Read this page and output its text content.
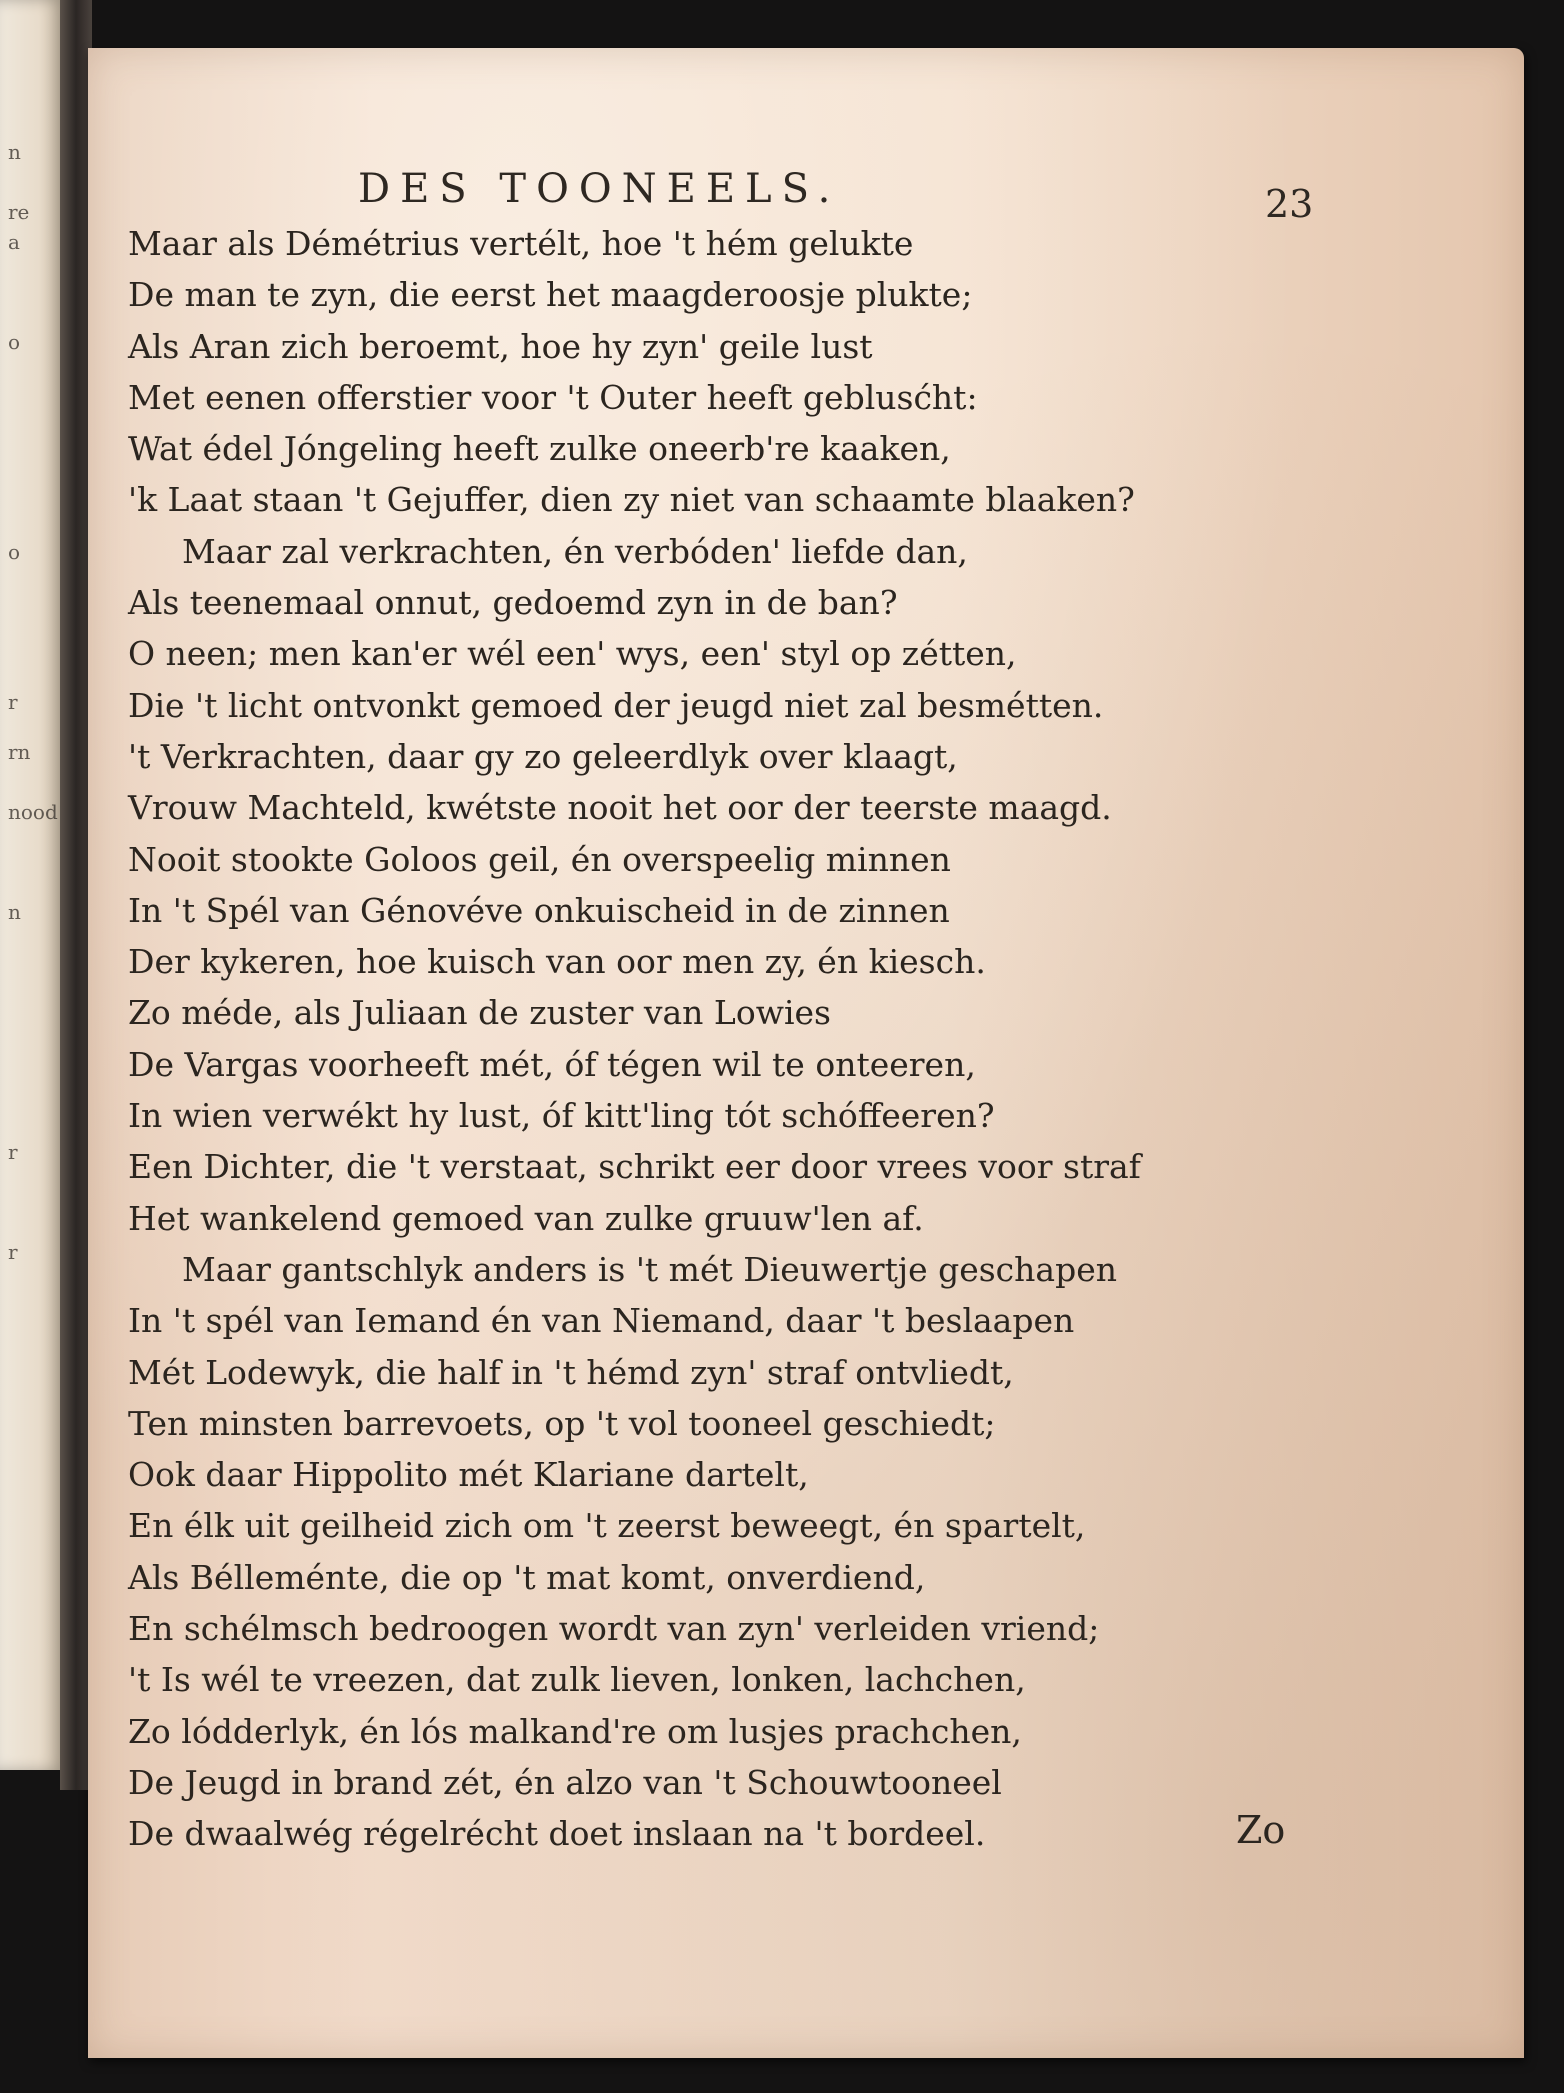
n
re
a
o
o
r
rn
nood
n
r
r
DES TOONEELS.	23
Maar als Démétrius vertélt, hoe 't hém gelukte
De man te zyn, die eerst het maagderoosje plukte;
Als Aran zich beroemt, hoe hy zyn' geile lust
Met eenen offerstier voor 't Outer heeft geblusćht:
Wat édel Jóngeling heeft zulke oneerb're kaaken,
'k Laat staan 't Gejuffer, dien zy niet van schaamte blaaken?
Maar zal verkrachten, én verbóden' liefde dan,
Als teenemaal onnut, gedoemd zyn in de ban?
O neen; men kan'er wél een' wys, een' styl op zétten,
Die 't licht ontvonkt gemoed der jeugd niet zal besmétten.
't Verkrachten, daar gy zo geleerdlyk over klaagt,
Vrouw Machteld, kwétste nooit het oor der teerste maagd.
Nooit stookte Goloos geil, én overspeelig minnen
In 't Spél van Génovéve onkuischeid in de zinnen
Der kykeren, hoe kuisch van oor men zy, én kiesch.
Zo méde, als Juliaan de zuster van Lowies
De Vargas voorheeft mét, óf tégen wil te onteeren,
In wien verwékt hy lust, óf kitt'ling tót schóffeeren?
Een Dichter, die 't verstaat, schrikt eer door vrees voor straf
Het wankelend gemoed van zulke gruuw'len af.
Maar gantschlyk anders is 't mét Dieuwertje geschapen
In 't spél van Iemand én van Niemand, daar 't beslaapen
Mét Lodewyk, die half in 't hémd zyn' straf ontvliedt,
Ten minsten barrevoets, op 't vol tooneel geschiedt;
Ook daar Hippolito mét Klariane dartelt,
En élk uit geilheid zich om 't zeerst beweegt, én spartelt,
Als Bélleménte, die op 't mat komt, onverdiend,
En schélmsch bedroogen wordt van zyn' verleiden vriend;
't Is wél te vreezen, dat zulk lieven, lonken, lachchen,
Zo lódderlyk, én lós malkand're om lusjes prachchen,
De Jeugd in brand zét, én alzo van 't Schouwtooneel
De dwaalwég régelrécht doet inslaan na 't bordeel.	Zo
